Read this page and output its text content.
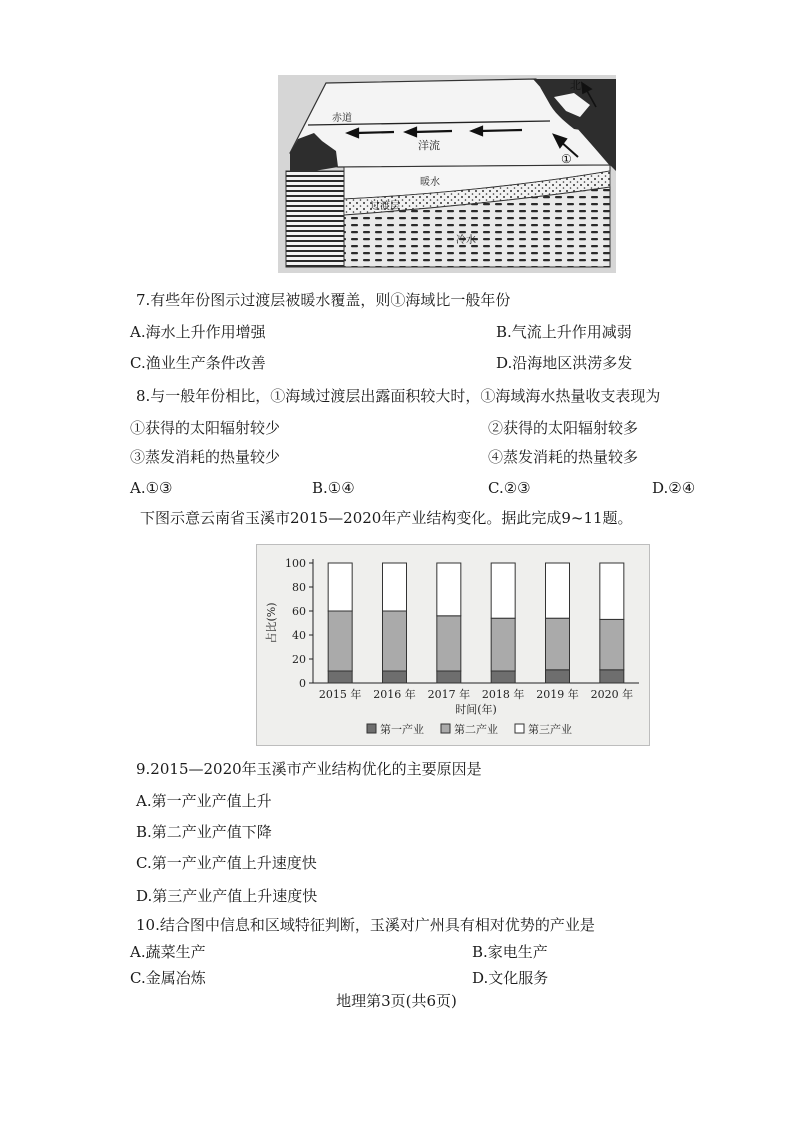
赤道
洋流
北
①
暖水
过渡层
冷水
7.有些年份图示过渡层被暖水覆盖，则①海域比一般年份
A.海水上升作用增强	B.气流上升作用减弱
C.渔业生产条件改善	D.沿海地区洪涝多发
8.与一般年份相比，①海域过渡层出露面积较大时，①海域海水热量收支表现为
①获得的太阳辐射较少	②获得的太阳辐射较多
③蒸发消耗的热量较少	④蒸发消耗的热量较多
A.①③	B.①④	C.②③	D.②④
下图示意云南省玉溪市2015—2020年产业结构变化。据此完成9~11题。
0
20
40
60
80
100
占比(%)
2015 年 2016 年 2017 年 2018 年 2019 年 2020 年
时间(年)
第一产业	第二产业	第三产业
9.2015—2020年玉溪市产业结构优化的主要原因是
A.第一产业产值上升
B.第二产业产值下降
C.第一产业产值上升速度快
D.第三产业产值上升速度快
10.结合图中信息和区域特征判断，玉溪对广州具有相对优势的产业是
A.蔬菜生产	B.家电生产
C.金属冶炼	D.文化服务
地理第3页(共6页)
